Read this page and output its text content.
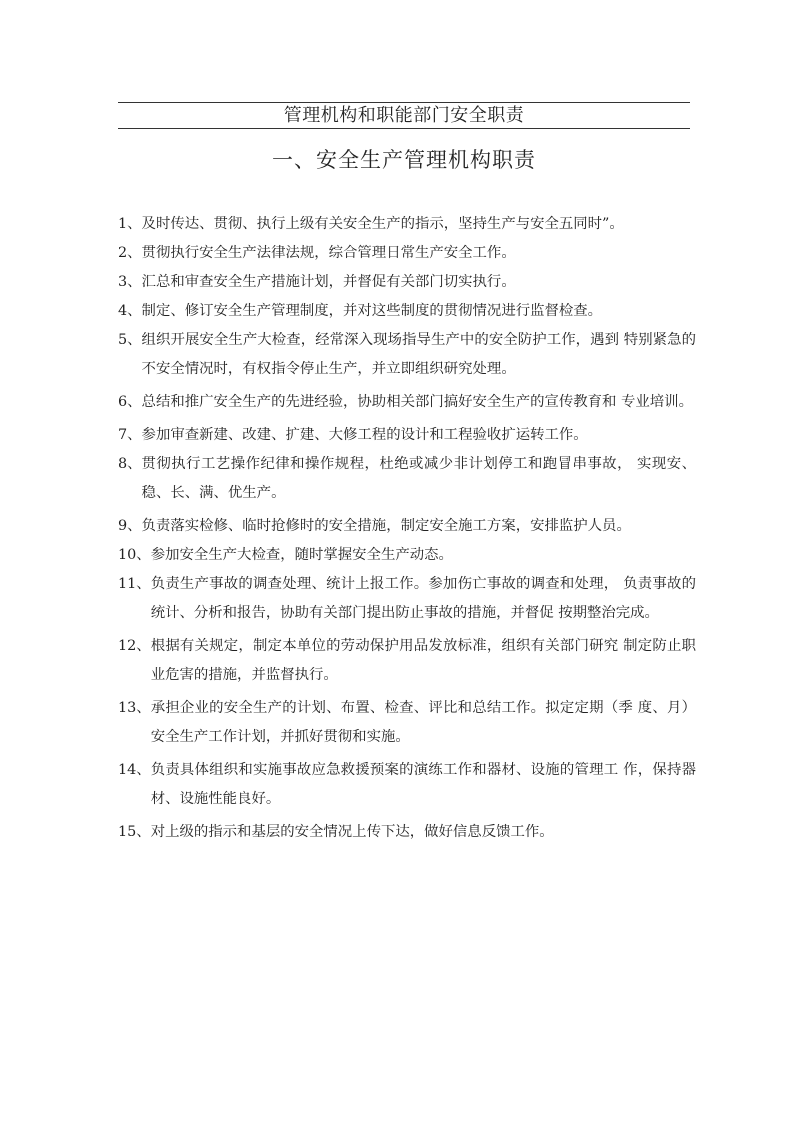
管理机构和职能部门安全职责
一、安全生产管理机构职责
1、 及时传达、贯彻、执行上级有关安全生产的指示，坚持生产与安全五同时”。
2、 贯彻执行安全生产法律法规，综合管理日常生产安全工作。
3、 汇总和审查安全生产措施计划，并督促有关部门切实执行。
4、 制定、修订安全生产管理制度，并对这些制度的贯彻情况进行监督检查。
5、 组织开展安全生产大检查，经常深入现场指导生产中的安全防护工作，遇到 特别紧急的不安全情况时，有权指令停止生产，并立即组织研究处理。
6、 总结和推广安全生产的先进经验，协助相关部门搞好安全生产的宣传教育和 专业培训。
7、 参加审查新建、改建、扩建、大修工程的设计和工程验收扩运转工作。
8、 贯彻执行工艺操作纪律和操作规程，杜绝或减少非计划停工和跑冒串事故， 实现安、稳、长、满、优生产。
9、 负责落实检修、临时抢修时的安全措施，制定安全施工方案，安排监护人员。
10、 参加安全生产大检查，随时掌握安全生产动态。
11、 负责生产事故的调查处理、统计上报工作。参加伤亡事故的调查和处理， 负责事故的统计、分析和报告，协助有关部门提出防止事故的措施，并督促 按期整治完成。
12、 根据有关规定，制定本单位的劳动保护用品发放标准，组织有关部门研究 制定防止职业危害的措施，并监督执行。
13、 承担企业的安全生产的计划、布置、检查、评比和总结工作。拟定定期（季 度、月）安全生产工作计划，并抓好贯彻和实施。
14、 负责具体组织和实施事故应急救援预案的演练工作和器材、设施的管理工 作，保持器材、设施性能良好。
15、 对上级的指示和基层的安全情况上传下达，做好信息反馈工作。
